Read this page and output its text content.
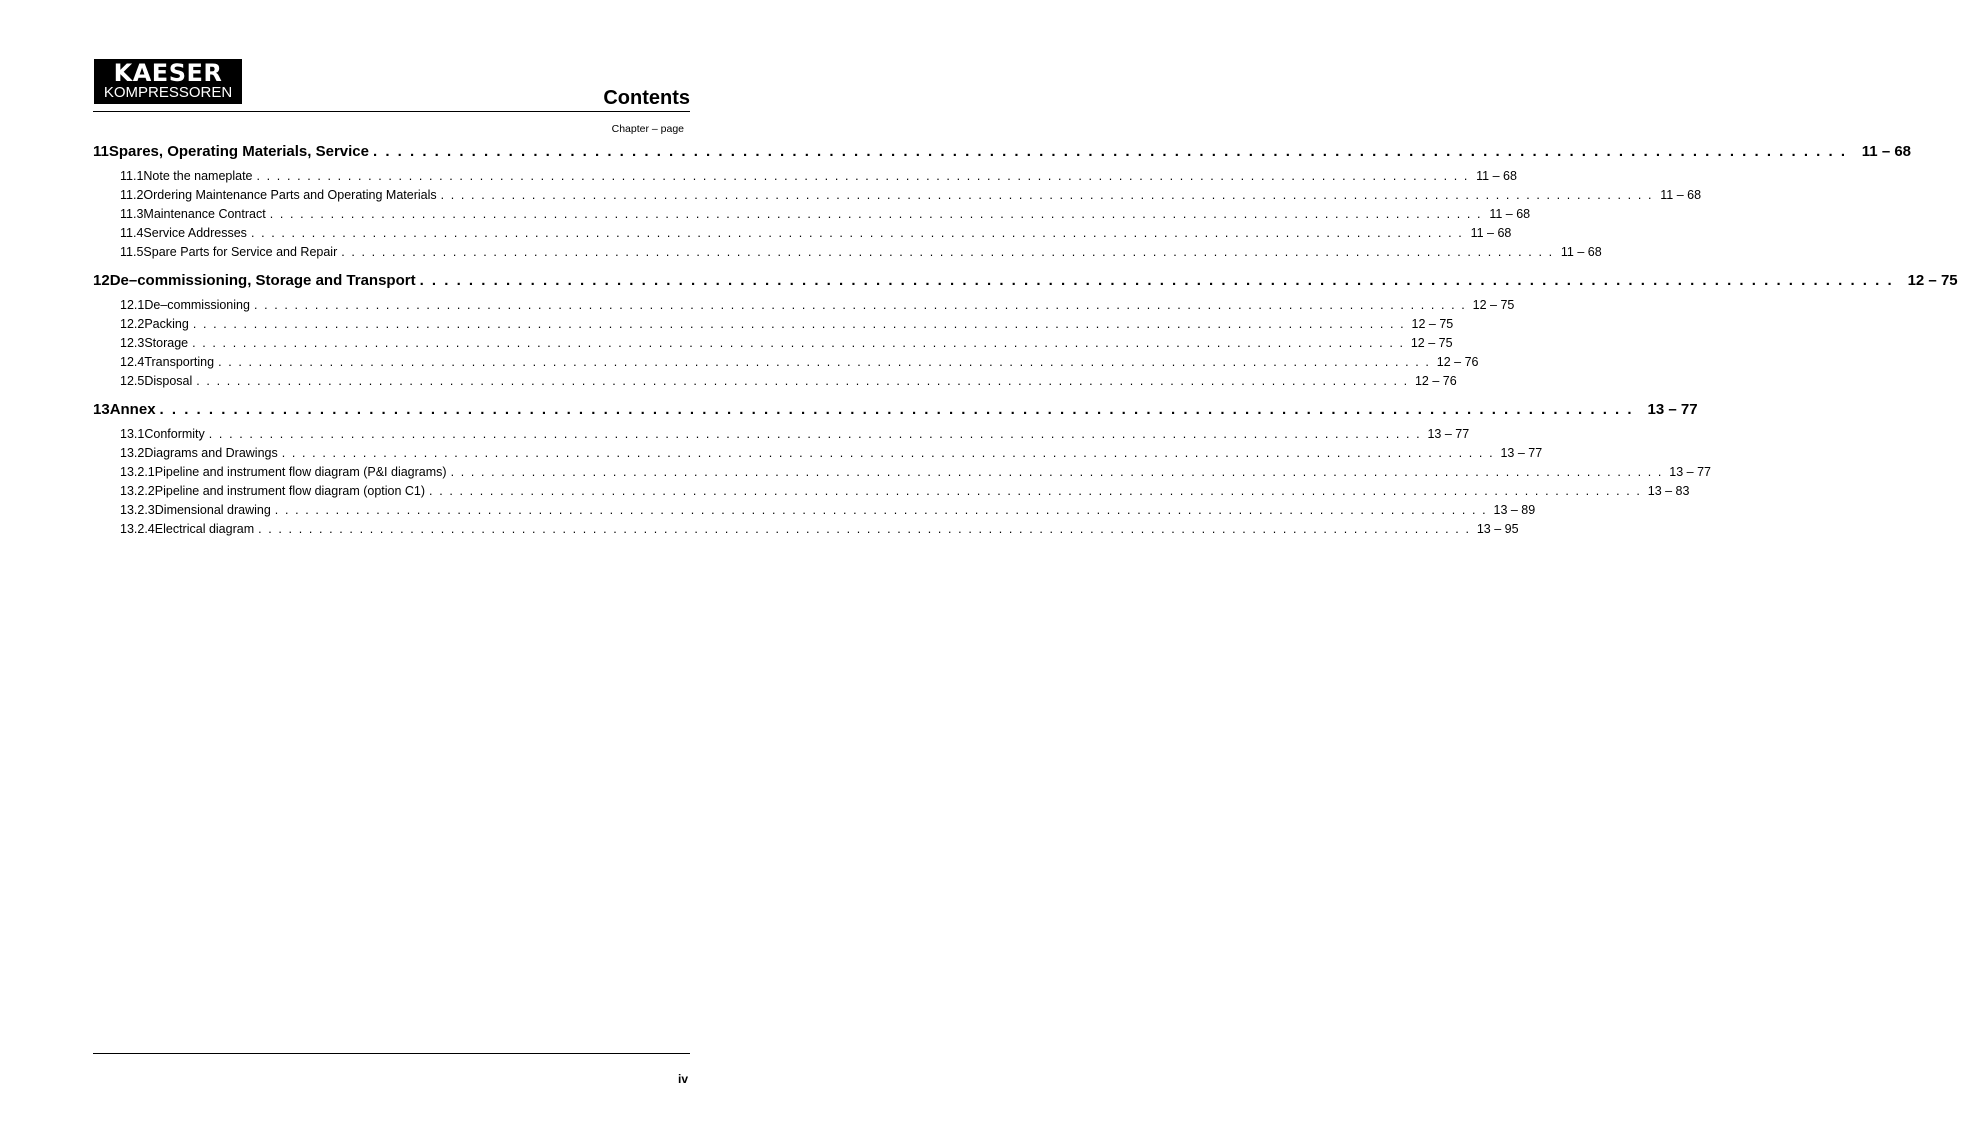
KAESER
KOMPRESSOREN	Contents
Chapter – page
11 Spares, Operating Materials, Service . . . . . . . . . . . . . . . . . . . . . . . . . . . . . . . . . . . . . . . . . . . . . . . . . . . . . . . . . . . . . . . . . . . . . . . . . . . . . . . . . . . . . . . . . . . . . . . . . . . . . . . . . . . . . . . . . . . . . . . . 11 – 68
11.1 Note the nameplate . . . . . . . . . . . . . . . . . . . . . . . . . . . . . . . . . . . . . . . . . . . . . . . . . . . . . . . . . . . . . . . . . . . . . . . . . . . . . . . . . . . . . . . . . . . . . . . . . . . . . . . . . . . . . . . . . . . . . . . . 11 – 68
11.2 Ordering Maintenance Parts and Operating Materials . . . . . . . . . . . . . . . . . . . . . . . . . . . . . . . . . . . . . . . . . . . . . . . . . . . . . . . . . . . . . . . . . . . . . . . . . . . . . . . . . . . . . . . . . . . . . . . . . . . . . . . . . . . . . . . . . . . . . . . . 11 – 68
11.3 Maintenance Contract . . . . . . . . . . . . . . . . . . . . . . . . . . . . . . . . . . . . . . . . . . . . . . . . . . . . . . . . . . . . . . . . . . . . . . . . . . . . . . . . . . . . . . . . . . . . . . . . . . . . . . . . . . . . . . . . . . . . . . . . 11 – 68
11.4 Service Addresses . . . . . . . . . . . . . . . . . . . . . . . . . . . . . . . . . . . . . . . . . . . . . . . . . . . . . . . . . . . . . . . . . . . . . . . . . . . . . . . . . . . . . . . . . . . . . . . . . . . . . . . . . . . . . . . . . . . . . . . . 11 – 68
11.5 Spare Parts for Service and Repair . . . . . . . . . . . . . . . . . . . . . . . . . . . . . . . . . . . . . . . . . . . . . . . . . . . . . . . . . . . . . . . . . . . . . . . . . . . . . . . . . . . . . . . . . . . . . . . . . . . . . . . . . . . . . . . . . . . . . . . . 11 – 68
12 De–commissioning, Storage and Transport . . . . . . . . . . . . . . . . . . . . . . . . . . . . . . . . . . . . . . . . . . . . . . . . . . . . . . . . . . . . . . . . . . . . . . . . . . . . . . . . . . . . . . . . . . . . . . . . . . . . . . . . . . . . . . . . . . . . . . . . 12 – 75
12.1 De–commissioning . . . . . . . . . . . . . . . . . . . . . . . . . . . . . . . . . . . . . . . . . . . . . . . . . . . . . . . . . . . . . . . . . . . . . . . . . . . . . . . . . . . . . . . . . . . . . . . . . . . . . . . . . . . . . . . . . . . . . . . . 12 – 75
12.2 Packing . . . . . . . . . . . . . . . . . . . . . . . . . . . . . . . . . . . . . . . . . . . . . . . . . . . . . . . . . . . . . . . . . . . . . . . . . . . . . . . . . . . . . . . . . . . . . . . . . . . . . . . . . . . . . . . . . . . . . . . . 12 – 75
12.3 Storage . . . . . . . . . . . . . . . . . . . . . . . . . . . . . . . . . . . . . . . . . . . . . . . . . . . . . . . . . . . . . . . . . . . . . . . . . . . . . . . . . . . . . . . . . . . . . . . . . . . . . . . . . . . . . . . . . . . . . . . . 12 – 75
12.4 Transporting . . . . . . . . . . . . . . . . . . . . . . . . . . . . . . . . . . . . . . . . . . . . . . . . . . . . . . . . . . . . . . . . . . . . . . . . . . . . . . . . . . . . . . . . . . . . . . . . . . . . . . . . . . . . . . . . . . . . . . . . 12 – 76
12.5 Disposal . . . . . . . . . . . . . . . . . . . . . . . . . . . . . . . . . . . . . . . . . . . . . . . . . . . . . . . . . . . . . . . . . . . . . . . . . . . . . . . . . . . . . . . . . . . . . . . . . . . . . . . . . . . . . . . . . . . . . . . . 12 – 76
13 Annex . . . . . . . . . . . . . . . . . . . . . . . . . . . . . . . . . . . . . . . . . . . . . . . . . . . . . . . . . . . . . . . . . . . . . . . . . . . . . . . . . . . . . . . . . . . . . . . . . . . . . . . . . . . . . . . . . . . . . . . . 13 – 77
13.1 Conformity . . . . . . . . . . . . . . . . . . . . . . . . . . . . . . . . . . . . . . . . . . . . . . . . . . . . . . . . . . . . . . . . . . . . . . . . . . . . . . . . . . . . . . . . . . . . . . . . . . . . . . . . . . . . . . . . . . . . . . . . 13 – 77
13.2 Diagrams and Drawings . . . . . . . . . . . . . . . . . . . . . . . . . . . . . . . . . . . . . . . . . . . . . . . . . . . . . . . . . . . . . . . . . . . . . . . . . . . . . . . . . . . . . . . . . . . . . . . . . . . . . . . . . . . . . . . . . . . . . . . . 13 – 77
13.2.1 Pipeline and instrument flow diagram (P&I diagrams) . . . . . . . . . . . . . . . . . . . . . . . . . . . . . . . . . . . . . . . . . . . . . . . . . . . . . . . . . . . . . . . . . . . . . . . . . . . . . . . . . . . . . . . . . . . . . . . . . . . . . . . . . . . . . . . . . . . . . . . . 13 – 77
13.2.2 Pipeline and instrument flow diagram (option C1) . . . . . . . . . . . . . . . . . . . . . . . . . . . . . . . . . . . . . . . . . . . . . . . . . . . . . . . . . . . . . . . . . . . . . . . . . . . . . . . . . . . . . . . . . . . . . . . . . . . . . . . . . . . . . . . . . . . . . . . . 13 – 83
13.2.3 Dimensional drawing . . . . . . . . . . . . . . . . . . . . . . . . . . . . . . . . . . . . . . . . . . . . . . . . . . . . . . . . . . . . . . . . . . . . . . . . . . . . . . . . . . . . . . . . . . . . . . . . . . . . . . . . . . . . . . . . . . . . . . . . 13 – 89
13.2.4 Electrical diagram . . . . . . . . . . . . . . . . . . . . . . . . . . . . . . . . . . . . . . . . . . . . . . . . . . . . . . . . . . . . . . . . . . . . . . . . . . . . . . . . . . . . . . . . . . . . . . . . . . . . . . . . . . . . . . . . . . . . . . . . 13 – 95
iv
